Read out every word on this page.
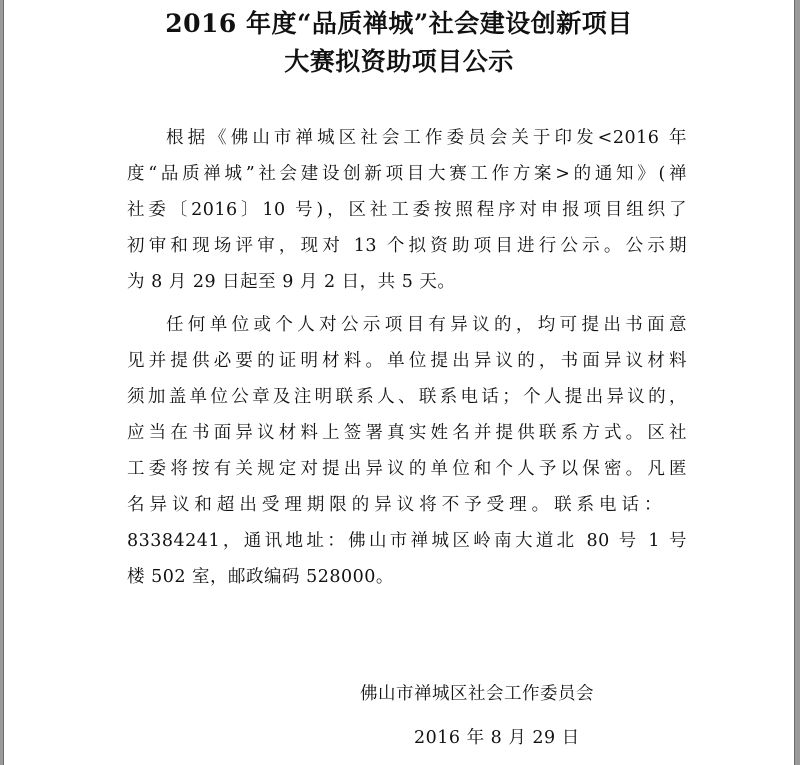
2016 年度“品质禅城”社会建设创新项目
大赛拟资助项目公示
根据《佛山市禅城区社会工作委员会关于印发<2016 年
度“品质禅城”社会建设创新项目大赛工作方案>的通知》(禅
社委〔2016〕10 号)，区社工委按照程序对申报项目组织了
初审和现场评审，现对 13 个拟资助项目进行公示。公示期
为 8 月 29 日起至 9 月 2 日，共 5 天。
任何单位或个人对公示项目有异议的，均可提出书面意
见并提供必要的证明材料。单位提出异议的，书面异议材料
须加盖单位公章及注明联系人、联系电话；个人提出异议的，
应当在书面异议材料上签署真实姓名并提供联系方式。区社
工委将按有关规定对提出异议的单位和个人予以保密。凡匿
名异议和超出受理期限的异议将不予受理。联系电话：
83384241，通讯地址：佛山市禅城区岭南大道北 80 号 1 号
楼 502 室，邮政编码 528000。
佛山市禅城区社会工作委员会
2016 年 8 月 29 日
